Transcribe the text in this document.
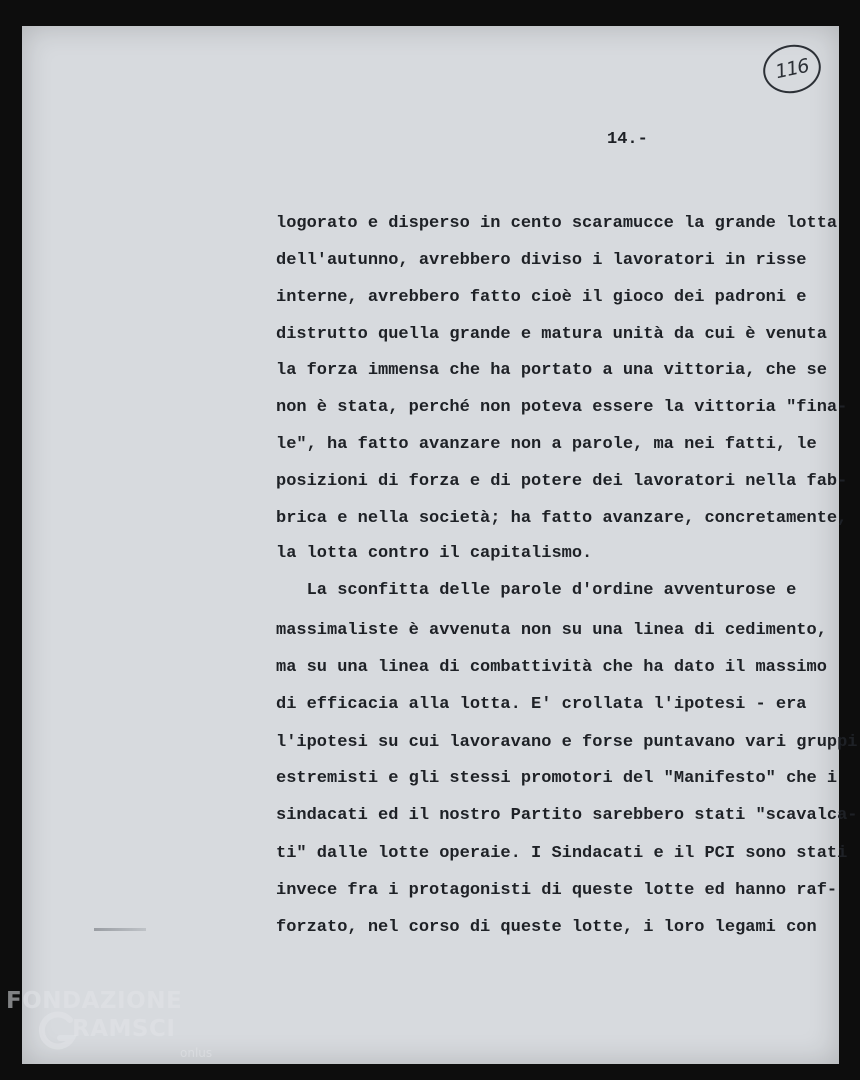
116
14.-
logorato e disperso in cento scaramucce la grande lotta
dell'autunno, avrebbero diviso i lavoratori in risse
interne, avrebbero fatto cioè il gioco dei padroni e
distrutto quella grande e matura unità da cui è venuta
la forza immensa che ha portato a una vittoria, che se
non è stata, perché non poteva essere la vittoria "fina-
le", ha fatto avanzare non a parole, ma nei fatti, le
posizioni di forza e di potere dei lavoratori nella fab-
brica e nella società; ha fatto avanzare, concretamente,
la lotta contro il capitalismo.
La sconfitta delle parole d'ordine avventurose e
massimaliste è avvenuta non su una linea di cedimento,
ma su una linea di combattività che ha dato il massimo
di efficacia alla lotta. E' crollata l'ipotesi - era
l'ipotesi su cui lavoravano e forse puntavano vari gruppi
estremisti e gli stessi promotori del "Manifesto" che i
sindacati ed il nostro Partito sarebbero stati "scavalca-
ti" dalle lotte operaie. I Sindacati e il PCI sono stati
invece fra i protagonisti di queste lotte ed hanno raf-
forzato, nel corso di queste lotte, i loro legami con
FONDAZIONE
RAMSCI
onlus
